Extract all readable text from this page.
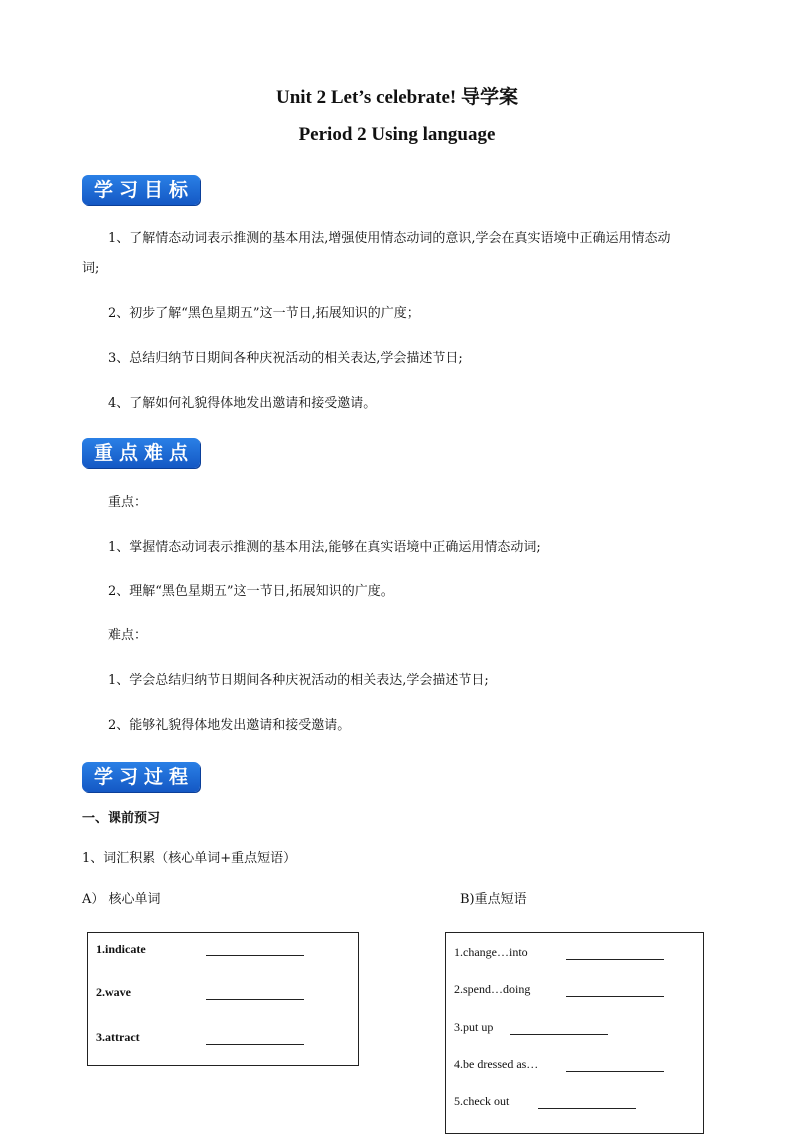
Unit 2 Let’s celebrate! 导学案
Period 2 Using language
学习目标
1、了解情态动词表示推测的基本用法,增强使用情态动词的意识,学会在真实语境中正确运用情态动
词;
2、初步了解“黑色星期五”这一节日,拓展知识的广度；
3、总结归纳节日期间各种庆祝活动的相关表达,学会描述节日;
4、了解如何礼貌得体地发出邀请和接受邀请。
重点难点
重点：
1、掌握情态动词表示推测的基本用法,能够在真实语境中正确运用情态动词;
2、理解“黑色星期五”这一节日,拓展知识的广度。
难点：
1、学会总结归纳节日期间各种庆祝活动的相关表达,学会描述节日;
2、能够礼貌得体地发出邀请和接受邀请。
学习过程
一、课前预习
1、词汇积累（核心单词+重点短语）
A） 核心单词	B)重点短语
1.indicate
2.wave
3.attract
1.change…into
2.spend…doing
3.put up
4.be dressed as…
5.check out
